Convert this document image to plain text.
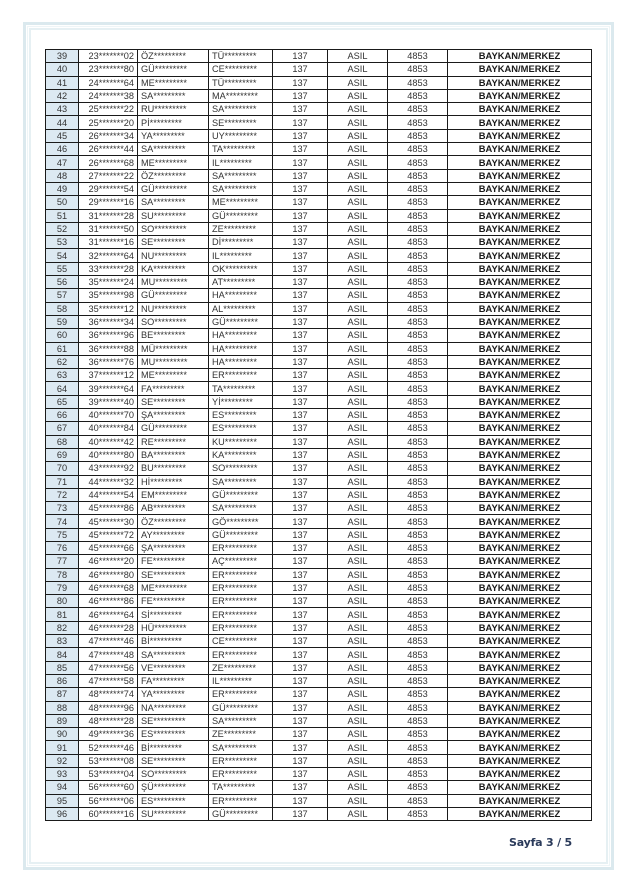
39	23*******02	ÖZ*********	TÜ*********	137	ASIL	4853	BAYKAN/MERKEZ
40	23*******80	GÜ*********	CE*********	137	ASIL	4853	BAYKAN/MERKEZ
41	24*******64	ME*********	TÜ*********	137	ASIL	4853	BAYKAN/MERKEZ
42	24*******38	SA*********	MA*********	137	ASIL	4853	BAYKAN/MERKEZ
43	25*******22	RU*********	SA*********	137	ASIL	4853	BAYKAN/MERKEZ
44	25*******20	Pİ*********	SE*********	137	ASIL	4853	BAYKAN/MERKEZ
45	26*******34	YA*********	UY*********	137	ASIL	4853	BAYKAN/MERKEZ
46	26*******44	SA*********	TA*********	137	ASIL	4853	BAYKAN/MERKEZ
47	26*******68	ME*********	IL*********	137	ASIL	4853	BAYKAN/MERKEZ
48	27*******22	ÖZ*********	SA*********	137	ASIL	4853	BAYKAN/MERKEZ
49	29*******54	GÜ*********	SA*********	137	ASIL	4853	BAYKAN/MERKEZ
50	29*******16	SA*********	ME*********	137	ASIL	4853	BAYKAN/MERKEZ
51	31*******28	SU*********	GÜ*********	137	ASIL	4853	BAYKAN/MERKEZ
52	31*******50	SO*********	ZE*********	137	ASIL	4853	BAYKAN/MERKEZ
53	31*******16	SE*********	Dİ*********	137	ASIL	4853	BAYKAN/MERKEZ
54	32*******64	NU*********	IL*********	137	ASIL	4853	BAYKAN/MERKEZ
55	33*******28	KA*********	OK*********	137	ASIL	4853	BAYKAN/MERKEZ
56	35*******24	MU*********	AT*********	137	ASIL	4853	BAYKAN/MERKEZ
57	35*******98	GÜ*********	HA*********	137	ASIL	4853	BAYKAN/MERKEZ
58	35*******12	NU*********	AL*********	137	ASIL	4853	BAYKAN/MERKEZ
59	36*******34	SO*********	GÜ*********	137	ASIL	4853	BAYKAN/MERKEZ
60	36*******96	BE*********	HA*********	137	ASIL	4853	BAYKAN/MERKEZ
61	36*******88	MÜ*********	HA*********	137	ASIL	4853	BAYKAN/MERKEZ
62	36*******76	MU*********	HA*********	137	ASIL	4853	BAYKAN/MERKEZ
63	37*******12	ME*********	ER*********	137	ASIL	4853	BAYKAN/MERKEZ
64	39*******64	FA*********	TA*********	137	ASIL	4853	BAYKAN/MERKEZ
65	39*******40	SE*********	Yİ*********	137	ASIL	4853	BAYKAN/MERKEZ
66	40*******70	ŞA*********	ES*********	137	ASIL	4853	BAYKAN/MERKEZ
67	40*******84	GÜ*********	ES*********	137	ASIL	4853	BAYKAN/MERKEZ
68	40*******42	RE*********	KU*********	137	ASIL	4853	BAYKAN/MERKEZ
69	40*******80	BA*********	KA*********	137	ASIL	4853	BAYKAN/MERKEZ
70	43*******92	BU*********	SO*********	137	ASIL	4853	BAYKAN/MERKEZ
71	44*******32	Hİ*********	SA*********	137	ASIL	4853	BAYKAN/MERKEZ
72	44*******54	EM*********	GÜ*********	137	ASIL	4853	BAYKAN/MERKEZ
73	45*******86	AB*********	SA*********	137	ASIL	4853	BAYKAN/MERKEZ
74	45*******30	ÖZ*********	GÖ*********	137	ASIL	4853	BAYKAN/MERKEZ
75	45*******72	AY*********	GÜ*********	137	ASIL	4853	BAYKAN/MERKEZ
76	45*******66	ŞA*********	ER*********	137	ASIL	4853	BAYKAN/MERKEZ
77	46*******20	FE*********	AÇ*********	137	ASIL	4853	BAYKAN/MERKEZ
78	46*******80	SE*********	ER*********	137	ASIL	4853	BAYKAN/MERKEZ
79	46*******68	ME*********	ER*********	137	ASIL	4853	BAYKAN/MERKEZ
80	46*******86	FE*********	ER*********	137	ASIL	4853	BAYKAN/MERKEZ
81	46*******64	Sİ*********	ER*********	137	ASIL	4853	BAYKAN/MERKEZ
82	46*******28	HÜ*********	ER*********	137	ASIL	4853	BAYKAN/MERKEZ
83	47*******46	Bİ*********	CE*********	137	ASIL	4853	BAYKAN/MERKEZ
84	47*******48	SA*********	ER*********	137	ASIL	4853	BAYKAN/MERKEZ
85	47*******56	VE*********	ZE*********	137	ASIL	4853	BAYKAN/MERKEZ
86	47*******58	FA*********	IL*********	137	ASIL	4853	BAYKAN/MERKEZ
87	48*******74	YA*********	ER*********	137	ASIL	4853	BAYKAN/MERKEZ
88	48*******96	NA*********	GÜ*********	137	ASIL	4853	BAYKAN/MERKEZ
89	48*******28	SE*********	SA*********	137	ASIL	4853	BAYKAN/MERKEZ
90	49*******36	ES*********	ZE*********	137	ASIL	4853	BAYKAN/MERKEZ
91	52*******46	Bİ*********	SA*********	137	ASIL	4853	BAYKAN/MERKEZ
92	53*******08	SE*********	ER*********	137	ASIL	4853	BAYKAN/MERKEZ
93	53*******04	SO*********	ER*********	137	ASIL	4853	BAYKAN/MERKEZ
94	56*******60	ŞÜ*********	TA*********	137	ASIL	4853	BAYKAN/MERKEZ
95	56*******06	ES*********	ER*********	137	ASIL	4853	BAYKAN/MERKEZ
96	60*******16	SU*********	GÜ*********	137	ASIL	4853	BAYKAN/MERKEZ
Sayfa 3 / 5
